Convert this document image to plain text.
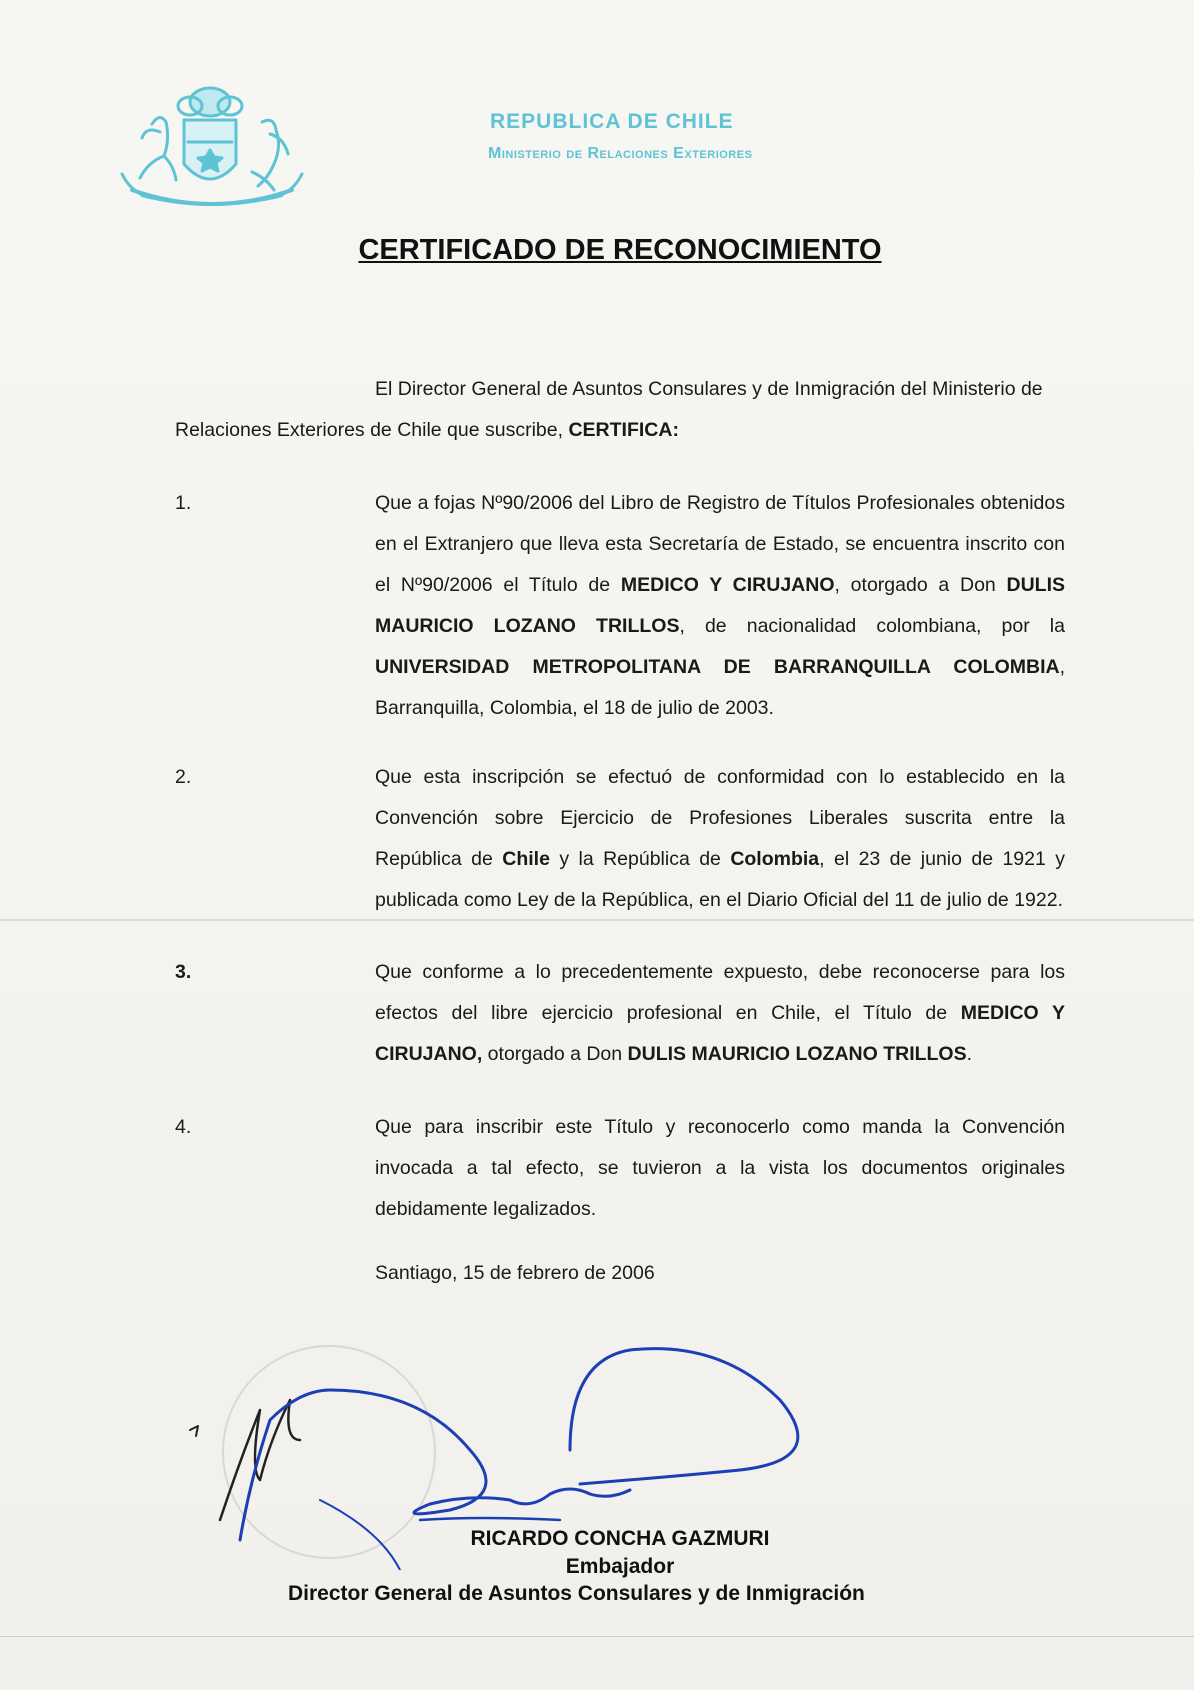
REPUBLICA DE CHILE
Ministerio de Relaciones Exteriores
CERTIFICADO DE RECONOCIMIENTO

El Director General de Asuntos Consulares y de Inmigración del Ministerio de Relaciones Exteriores de Chile que suscribe, CERTIFICA:

1.	Que a fojas Nº90/2006 del Libro de Registro de Títulos Profesionales obtenidos en el Extranjero que lleva esta Secretaría de Estado, se encuentra inscrito con el Nº90/2006 el Título de MEDICO Y CIRUJANO, otorgado a Don DULIS MAURICIO LOZANO TRILLOS, de nacionalidad colombiana, por la UNIVERSIDAD METROPOLITANA DE BARRANQUILLA COLOMBIA, Barranquilla, Colombia, el 18 de julio de 2003.
2.	Que esta inscripción se efectuó de conformidad con lo establecido en la Convención sobre Ejercicio de Profesiones Liberales suscrita entre la República de Chile y la República de Colombia, el 23 de junio de 1921 y publicada como Ley de la República, en el Diario Oficial del 11 de julio de 1922.
3.	Que conforme a lo precedentemente expuesto, debe reconocerse para los efectos del libre ejercicio profesional en Chile, el Título de MEDICO Y CIRUJANO, otorgado a Don DULIS MAURICIO LOZANO TRILLOS.
4.	Que para inscribir este Título y reconocerlo como manda la Convención invocada a tal efecto, se tuvieron a la vista los documentos originales debidamente legalizados.

Santiago, 15 de febrero de 2006

RICARDO CONCHA GAZMURI

Embajador

Director General de Asuntos Consulares y de Inmigración
